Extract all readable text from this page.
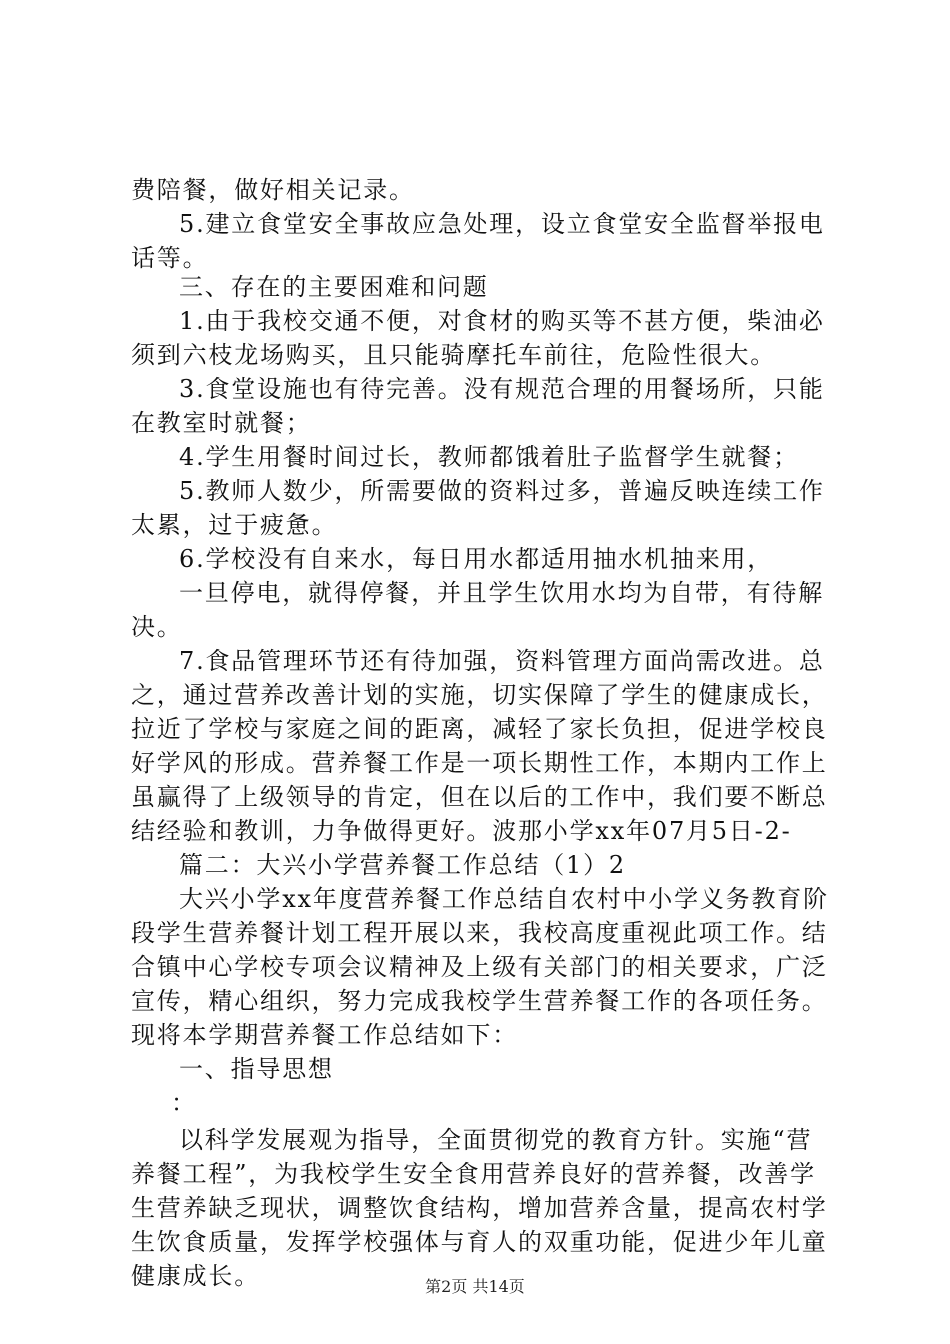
费陪餐，做好相关记录。
5.建立食堂安全事故应急处理，设立食堂安全监督举报电
话等。
三、存在的主要困难和问题
1.由于我校交通不便，对食材的购买等不甚方便，柴油必
须到六枝龙场购买，且只能骑摩托车前往，危险性很大。
3.食堂设施也有待完善。没有规范合理的用餐场所，只能
在教室时就餐；
4.学生用餐时间过长，教师都饿着肚子监督学生就餐；
5.教师人数少，所需要做的资料过多，普遍反映连续工作
太累，过于疲惫。
6.学校没有自来水，每日用水都适用抽水机抽来用，
一旦停电，就得停餐，并且学生饮用水均为自带，有待解
决。
7.食品管理环节还有待加强，资料管理方面尚需改进。总
之，通过营养改善计划的实施，切实保障了学生的健康成长，
拉近了学校与家庭之间的距离，减轻了家长负担，促进学校良
好学风的形成。营养餐工作是一项长期性工作，本期内工作上
虽赢得了上级领导的肯定，但在以后的工作中，我们要不断总
结经验和教训，力争做得更好。波那小学xx年07月5日-2-
篇二：大兴小学营养餐工作总结（1）2
大兴小学xx年度营养餐工作总结自农村中小学义务教育阶
段学生营养餐计划工程开展以来，我校高度重视此项工作。结
合镇中心学校专项会议精神及上级有关部门的相关要求，广泛
宣传，精心组织，努力完成我校学生营养餐工作的各项任务。
现将本学期营养餐工作总结如下：
一、指导思想
：
以科学发展观为指导，全面贯彻党的教育方针。实施“营
养餐工程”，为我校学生安全食用营养良好的营养餐，改善学
生营养缺乏现状，调整饮食结构，增加营养含量，提高农村学
生饮食质量，发挥学校强体与育人的双重功能，促进少年儿童
健康成长。	第2页 共14页
